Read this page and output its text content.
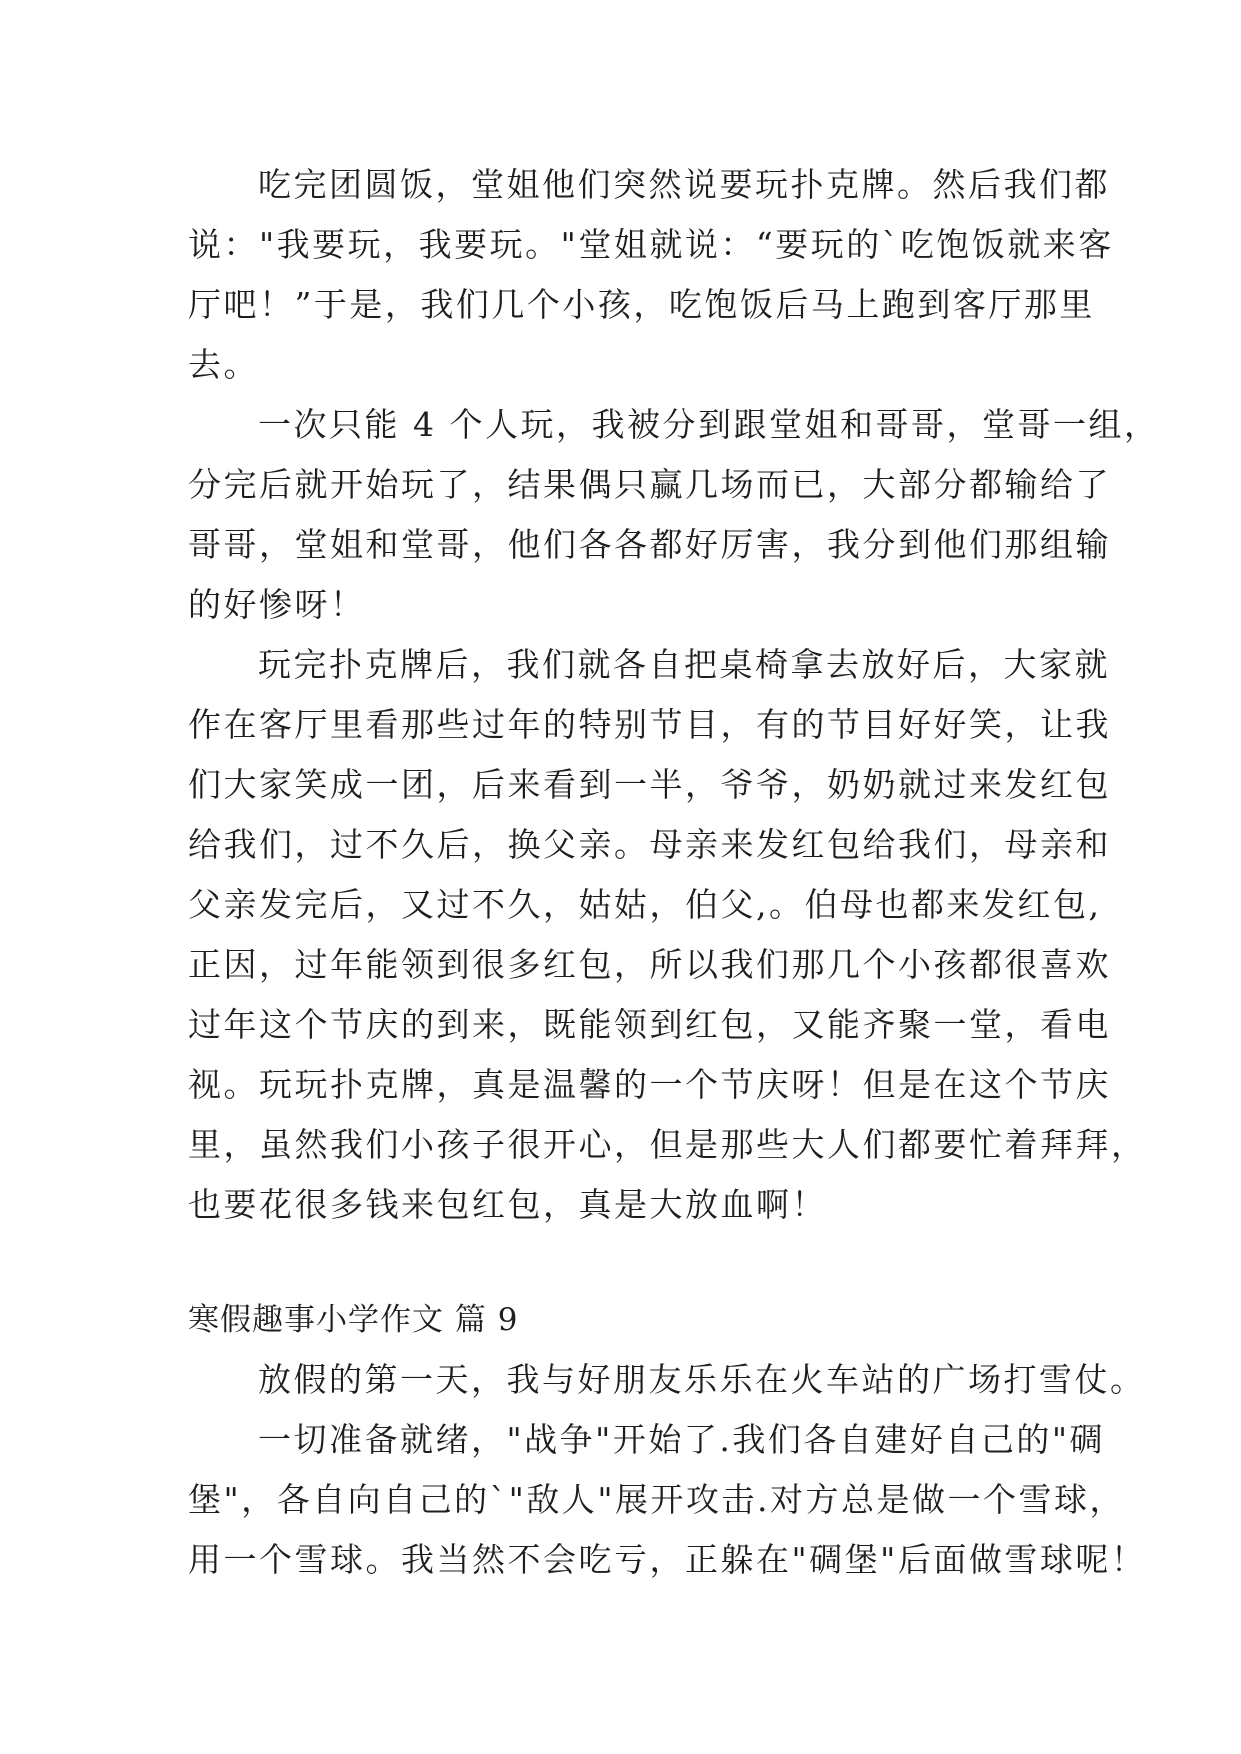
吃完团圆饭，堂姐他们突然说要玩扑克牌。然后我们都

说："我要玩，我要玩。"堂姐就说：“要玩的`吃饱饭就来客

厅吧！”于是，我们几个小孩，吃饱饭后马上跑到客厅那里

去。

一次只能 4 个人玩，我被分到跟堂姐和哥哥，堂哥一组，

分完后就开始玩了，结果偶只赢几场而已，大部分都输给了

哥哥，堂姐和堂哥，他们各各都好厉害，我分到他们那组输

的好惨呀！

玩完扑克牌后，我们就各自把桌椅拿去放好后，大家就

作在客厅里看那些过年的特别节目，有的节目好好笑，让我

们大家笑成一团，后来看到一半，爷爷，奶奶就过来发红包

给我们，过不久后，换父亲。母亲来发红包给我们，母亲和

父亲发完后，又过不久，姑姑，伯父,。伯母也都来发红包,

正因，过年能领到很多红包，所以我们那几个小孩都很喜欢

过年这个节庆的到来，既能领到红包，又能齐聚一堂，看电

视。玩玩扑克牌，真是温馨的一个节庆呀！但是在这个节庆

里，虽然我们小孩子很开心，但是那些大人们都要忙着拜拜，

也要花很多钱来包红包，真是大放血啊！

寒假趣事小学作文 篇 9

放假的第一天，我与好朋友乐乐在火车站的广场打雪仗。

一切准备就绪，"战争"开始了.我们各自建好自己的"碉

堡"，各自向自己的`"敌人"展开攻击.对方总是做一个雪球，

用一个雪球。我当然不会吃亏，正躲在"碉堡"后面做雪球呢！
